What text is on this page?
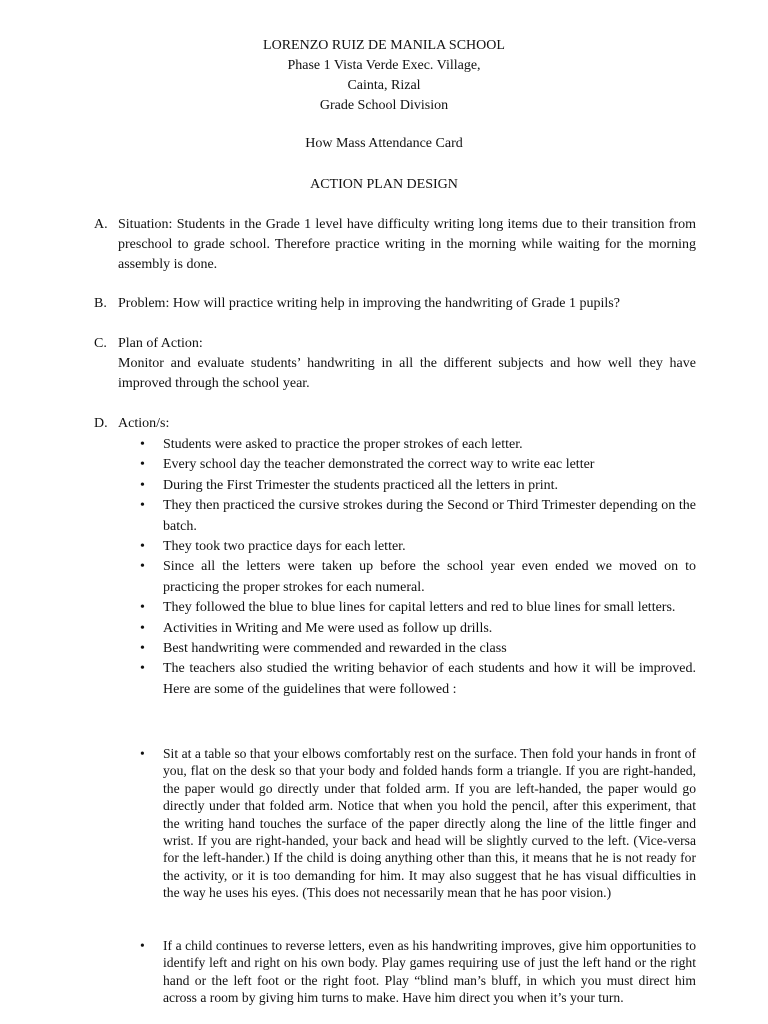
LORENZO RUIZ DE MANILA SCHOOL
Phase 1 Vista Verde Exec. Village,
Cainta, Rizal
Grade School Division
How Mass Attendance Card
ACTION PLAN DESIGN
A. Situation: Students in the Grade 1 level have difficulty writing long items due to their transition from preschool to grade school. Therefore practice writing in the morning while waiting for the morning assembly is done.
B. Problem: How will practice writing help in improving the handwriting of Grade 1 pupils?
C. Plan of Action:
Monitor and evaluate students’ handwriting in all the different subjects and how well they have improved through the school year.
D. Action/s:
• Students were asked to practice the proper strokes of each letter.
• Every school day the teacher demonstrated the correct way to write eac letter
• During the First Trimester the students practiced all the letters in print.
• They then practiced the cursive strokes during the Second or Third Trimester depending on the batch.
• They took two practice days for each letter.
• Since all the letters were taken up before the school year even ended we moved on to practicing the proper strokes for each numeral.
• They followed the blue to blue lines for capital letters and red to blue lines for small letters.
• Activities in Writing and Me were used as follow up drills.
• Best handwriting were commended and rewarded in the class
• The teachers also studied the writing behavior of each students and how it will be improved. Here are some of the guidelines that were followed :
• Sit at a table so that your elbows comfortably rest on the surface. Then fold your hands in front of you, flat on the desk so that your body and folded hands form a triangle. If you are right-handed, the paper would go directly under that folded arm. If you are left-handed, the paper would go directly under that folded arm. Notice that when you hold the pencil, after this experiment, that the writing hand touches the surface of the paper directly along the line of the little finger and wrist. If you are right-handed, your back and head will be slightly curved to the left. (Vice-versa for the left-hander.) If the child is doing anything other than this, it means that he is not ready for the activity, or it is too demanding for him. It may also suggest that he has visual difficulties in the way he uses his eyes. (This does not necessarily mean that he has poor vision.)
• If a child continues to reverse letters, even as his handwriting improves, give him opportunities to identify left and right on his own body. Play games requiring use of just the left hand or the right hand or the left foot or the right foot. Play “blind man’s bluff, in which you must direct him across a room by giving him turns to make. Have him direct you when it’s your turn.
